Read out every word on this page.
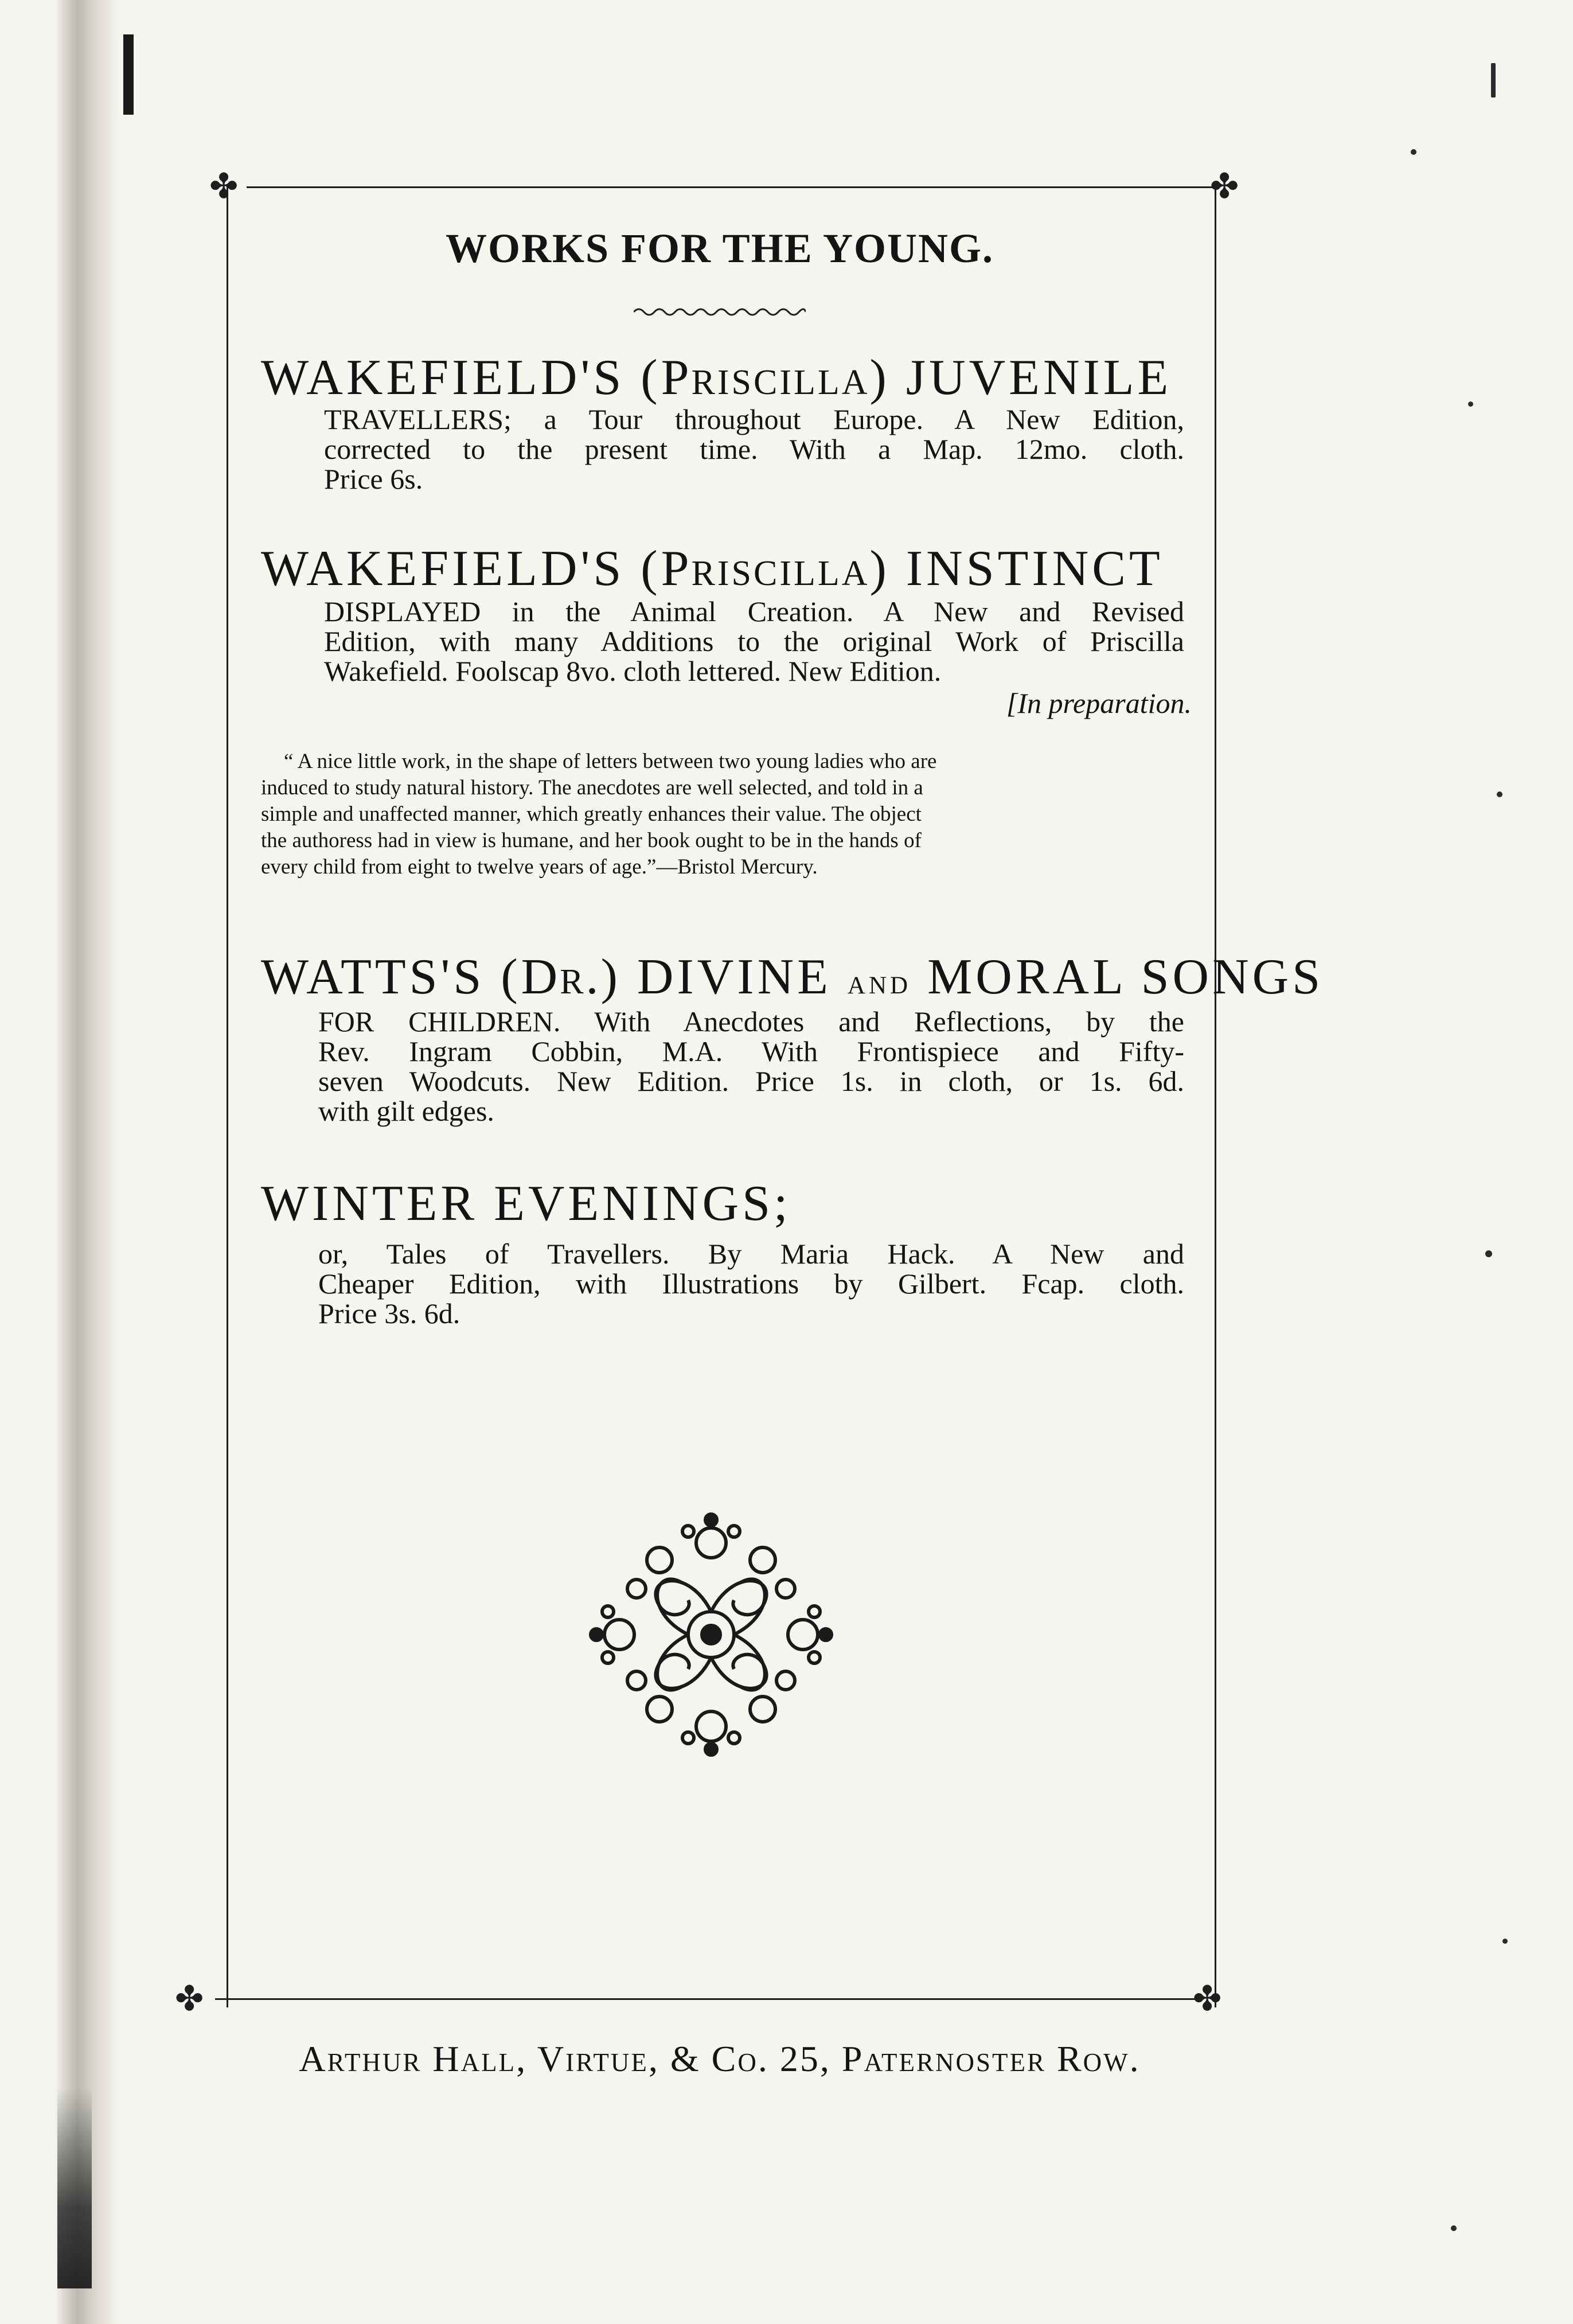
✤	✤
✤	✤
WORKS FOR THE YOUNG.
WAKEFIELD'S (Priscilla) JUVENILE
TRAVELLERS; a Tour throughout Europe. A New Edition,
corrected to the present time. With a Map. 12mo. cloth.
Price 6s.
WAKEFIELD'S (Priscilla) INSTINCT
DISPLAYED in the Animal Creation. A New and Revised
Edition, with many Additions to the original Work of Priscilla
Wakefield. Foolscap 8vo. cloth lettered. New Edition.
[In preparation.
“ A nice little work, in the shape of letters between two young ladies who are
induced to study natural history. The anecdotes are well selected, and told in a
simple and unaffected manner, which greatly enhances their value. The object
the authoress had in view is humane, and her book ought to be in the hands of
every child from eight to twelve years of age.”—Bristol Mercury.
WATTS'S (Dr.) DIVINE and MORAL SONGS
FOR CHILDREN. With Anecdotes and Reflections, by the
Rev. Ingram Cobbin, M.A. With Frontispiece and Fifty-
seven Woodcuts. New Edition. Price 1s. in cloth, or 1s. 6d.
with gilt edges.
WINTER EVENINGS;
or, Tales of Travellers. By Maria Hack. A New and
Cheaper Edition, with Illustrations by Gilbert. Fcap. cloth.
Price 3s. 6d.
Arthur Hall, Virtue, & Co. 25, Paternoster Row.
